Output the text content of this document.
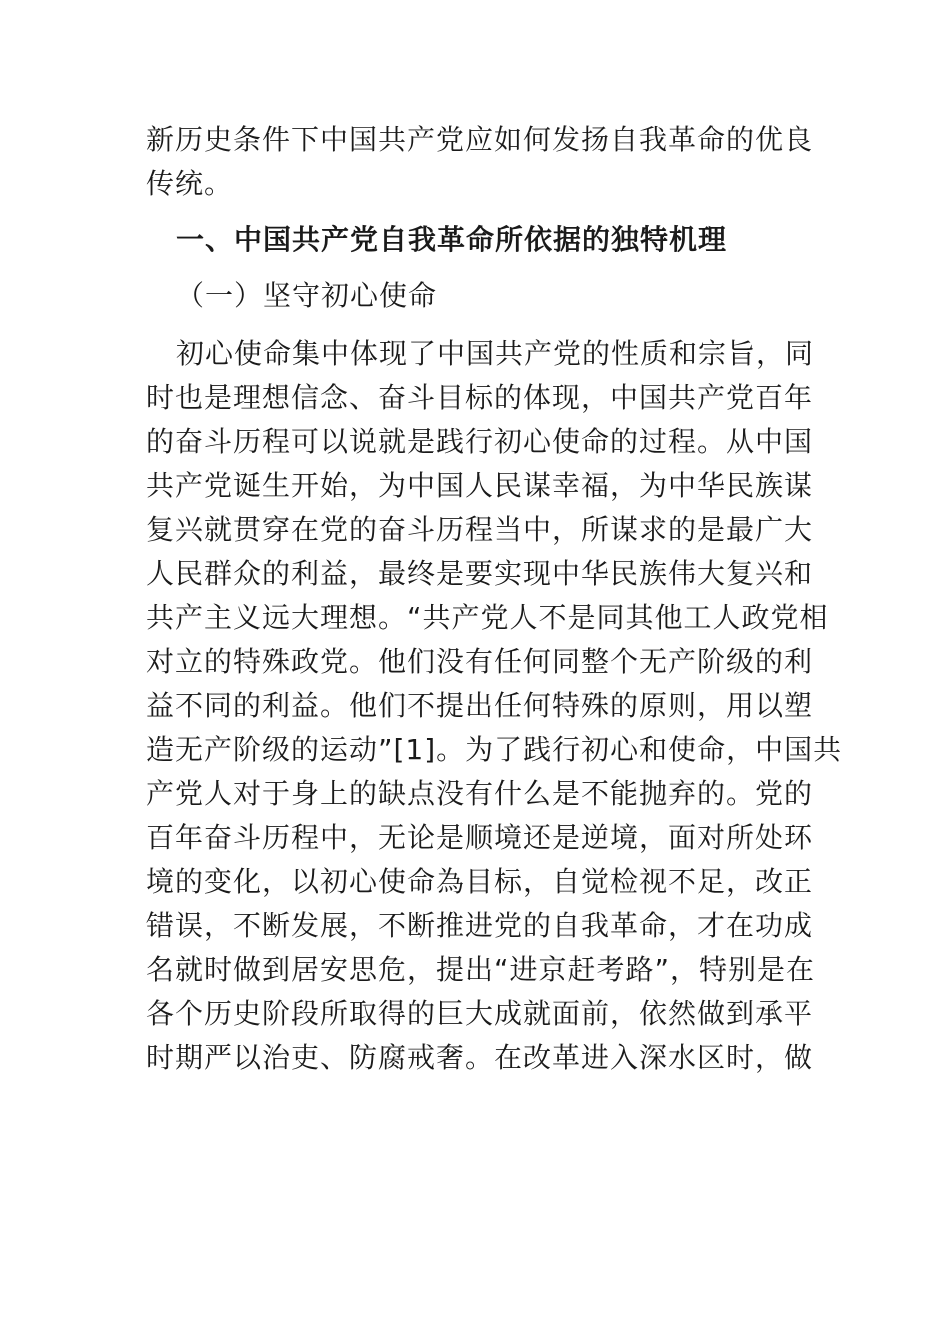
新历史条件下中国共产党应如何发扬自我革命的优良
传统。
一、中国共产党自我革命所依据的独特机理
（一）坚守初心使命
初心使命集中体现了中国共产党的性质和宗旨，同
时也是理想信念、奋斗目标的体现，中国共产党百年
的奋斗历程可以说就是践行初心使命的过程。从中国
共产党诞生开始，为中国人民谋幸福，为中华民族谋
复兴就贯穿在党的奋斗历程当中，所谋求的是最广大
人民群众的利益，最终是要实现中华民族伟大复兴和
共产主义远大理想。“共产党人不是同其他工人政党相
对立的特殊政党。他们没有任何同整个无产阶级的利
益不同的利益。他们不提出任何特殊的原则，用以塑
造无产阶级的运动”[1]。为了践行初心和使命，中国共
产党人对于身上的缺点没有什么是不能抛弃的。党的
百年奋斗历程中，无论是顺境还是逆境，面对所处环
境的变化，以初心使命為目标，自觉检视不足，改正
错误，不断发展，不断推进党的自我革命，才在功成
名就时做到居安思危，提出“进京赶考路”，特别是在
各个历史阶段所取得的巨大成就面前，依然做到承平
时期严以治吏、防腐戒奢。在改革进入深水区时，做
